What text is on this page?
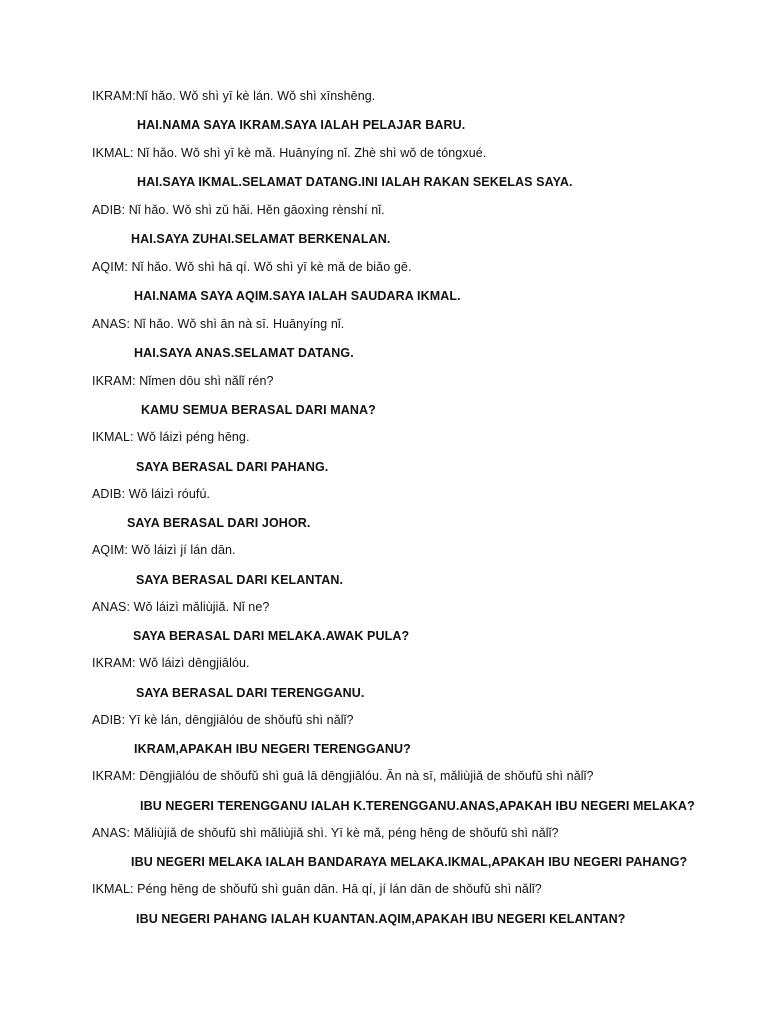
IKRAM:Nǐ hǎo. Wǒ shì yī kè lán. Wǒ shì xīnshēng.
HAI.NAMA SAYA IKRAM.SAYA IALAH PELAJAR BARU.
IKMAL: Nǐ hǎo. Wǒ shì yī kè mǎ. Huānyíng nǐ. Zhè shì wǒ de tóngxué.
HAI.SAYA IKMAL.SELAMAT DATANG.INI IALAH RAKAN SEKELAS SAYA.
ADIB: Nǐ hǎo. Wǒ shì zǔ hǎi. Hěn gāoxìng rènshí nǐ.
HAI.SAYA ZUHAI.SELAMAT BERKENALAN.
AQIM: Nǐ hǎo. Wǒ shì hā qí. Wǒ shì yī kè mǎ de biǎo gē.
HAI.NAMA SAYA AQIM.SAYA IALAH SAUDARA IKMAL.
ANAS: Nǐ hǎo. Wǒ shì ān nà sī. Huānyíng nǐ.
HAI.SAYA ANAS.SELAMAT DATANG.
IKRAM: Nǐmen dōu shì nǎlǐ rén?
KAMU SEMUA BERASAL DARI MANA?
IKMAL: Wǒ láizì péng hēng.
SAYA BERASAL DARI PAHANG.
ADIB: Wǒ láizì róufú.
SAYA BERASAL DARI JOHOR.
AQIM: Wǒ láizì jí lán dān.
SAYA BERASAL DARI KELANTAN.
ANAS: Wǒ láizì mǎliùjiǎ. Nǐ ne?
SAYA BERASAL DARI MELAKA.AWAK PULA?
IKRAM: Wǒ láizì dēngjiālóu.
SAYA BERASAL DARI TERENGGANU.
ADIB: Yī kè lán, dēngjiālóu de shǒufǔ shì nǎlǐ?
IKRAM,APAKAH IBU NEGERI TERENGGANU?
IKRAM: Dēngjiālóu de shǒufǔ shì guā lā dēngjiālóu. Ān nà sī, mǎliùjiǎ de shǒufǔ shì nǎlǐ?
IBU NEGERI TERENGGANU IALAH K.TERENGGANU.ANAS,APAKAH IBU NEGERI MELAKA?
ANAS: Mǎliùjiǎ de shǒufǔ shì mǎliùjiǎ shì. Yī kè mǎ, péng hēng de shǒufǔ shì nǎlǐ?
IBU NEGERI MELAKA IALAH BANDARAYA MELAKA.IKMAL,APAKAH IBU NEGERI PAHANG?
IKMAL: Péng hēng de shǒufǔ shì guān dān. Hā qí, jí lán dān de shǒufǔ shì nǎlǐ?
IBU NEGERI PAHANG IALAH KUANTAN.AQIM,APAKAH IBU NEGERI KELANTAN?
